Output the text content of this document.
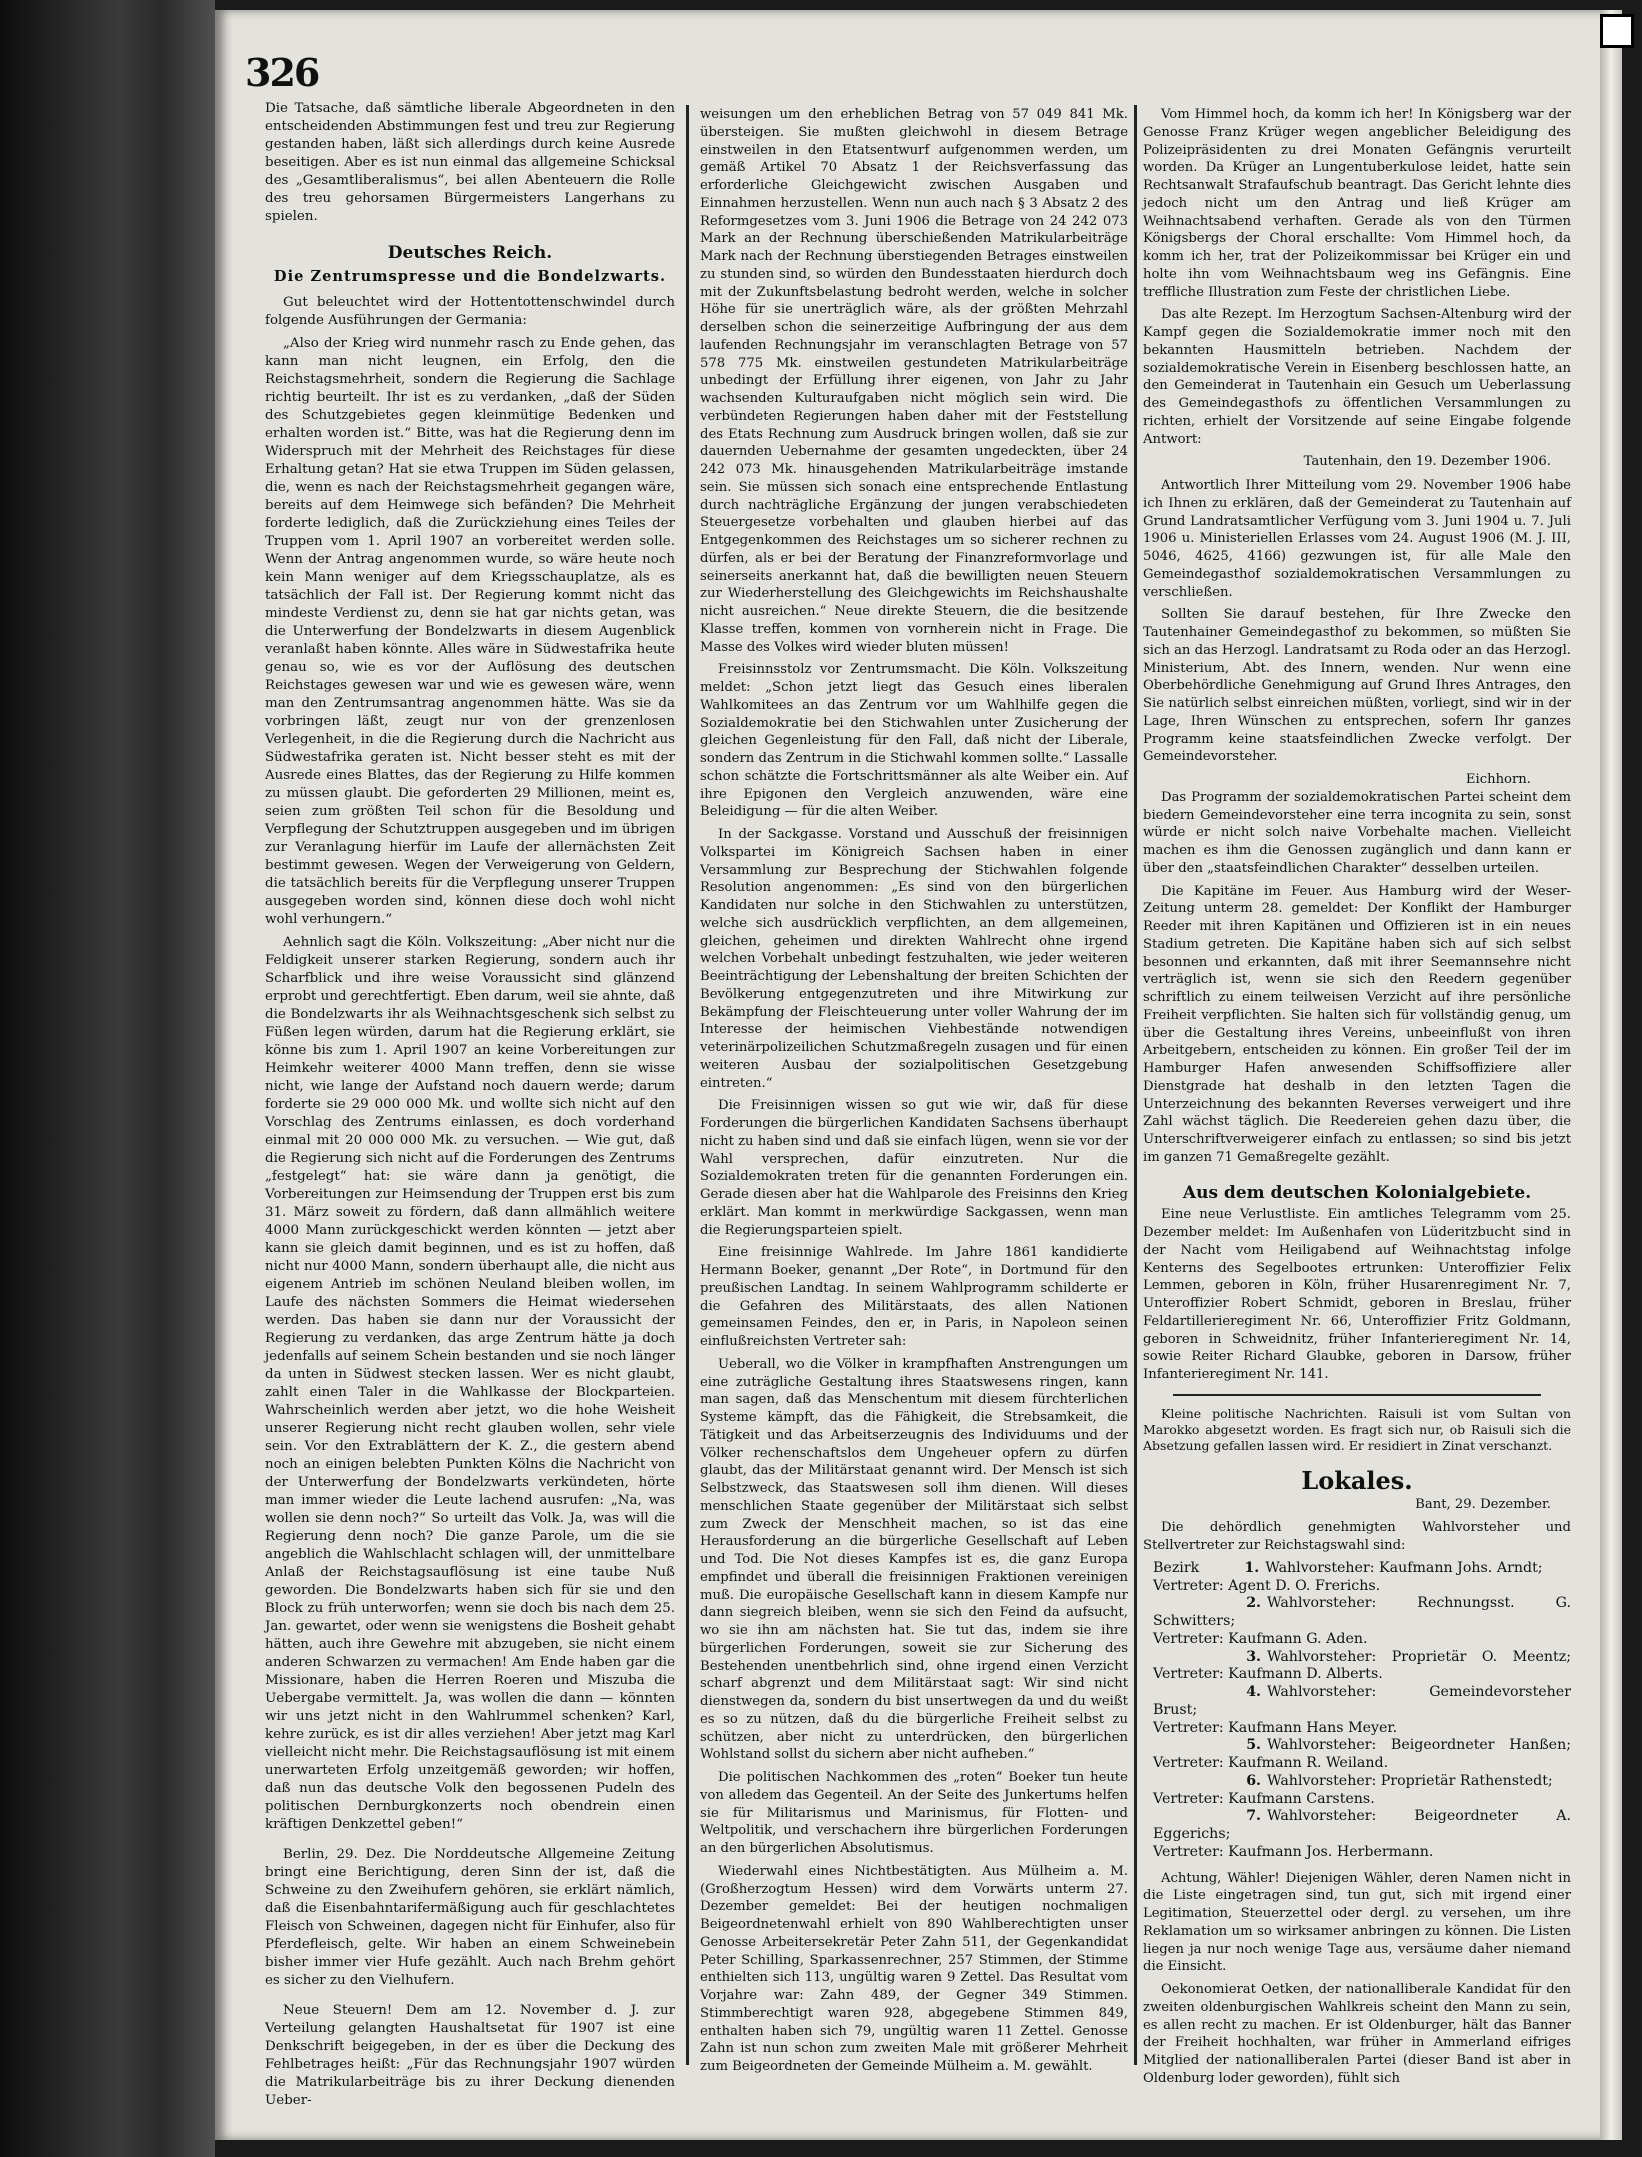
326

Die Tatsache, daß sämtliche liberale Abgeordneten in den entscheidenden Abstimmungen fest und treu zur Regierung gestanden haben, läßt sich allerdings durch keine Ausrede beseitigen. Aber es ist nun einmal das allgemeine Schicksal des „Gesamtliberalismus“, bei allen Abenteuern die Rolle des treu gehorsamen Bürgermeisters Langerhans zu spielen.

Deutsches Reich.
Die Zentrumspresse und die Bondelzwarts.

Gut beleuchtet wird der Hottentottenschwindel durch folgende Ausführungen der Germania:

„Also der Krieg wird nunmehr rasch zu Ende gehen, das kann man nicht leugnen, ein Erfolg, den die Reichstagsmehrheit, sondern die Regierung die Sachlage richtig beurteilt. Ihr ist es zu verdanken, „daß der Süden des Schutzgebietes gegen kleinmütige Bedenken und erhalten worden ist.“ Bitte, was hat die Regierung denn im Widerspruch mit der Mehrheit des Reichstages für diese Erhaltung getan? Hat sie etwa Truppen im Süden gelassen, die, wenn es nach der Reichstagsmehrheit gegangen wäre, bereits auf dem Heimwege sich befänden? Die Mehrheit forderte lediglich, daß die Zurückziehung eines Teiles der Truppen vom 1. April 1907 an vorbereitet werden solle. Wenn der Antrag angenommen wurde, so wäre heute noch kein Mann weniger auf dem Kriegsschauplatze, als es tatsächlich der Fall ist. Der Regierung kommt nicht das mindeste Verdienst zu, denn sie hat gar nichts getan, was die Unterwerfung der Bondelzwarts in diesem Augenblick veranlaßt haben könnte. Alles wäre in Südwestafrika heute genau so, wie es vor der Auflösung des deutschen Reichstages gewesen war und wie es gewesen wäre, wenn man den Zentrumsantrag angenommen hätte. Was sie da vorbringen läßt, zeugt nur von der grenzenlosen Verlegenheit, in die die Regierung durch die Nachricht aus Südwestafrika geraten ist. Nicht besser steht es mit der Ausrede eines Blattes, das der Regierung zu Hilfe kommen zu müssen glaubt. Die geforderten 29 Millionen, meint es, seien zum größten Teil schon für die Besoldung und Verpflegung der Schutztruppen ausgegeben und im übrigen zur Veranlagung hierfür im Laufe der allernächsten Zeit bestimmt gewesen. Wegen der Verweigerung von Geldern, die tatsächlich bereits für die Verpflegung unserer Truppen ausgegeben worden sind, können diese doch wohl nicht wohl verhungern.“

Aehnlich sagt die Köln. Volkszeitung: „Aber nicht nur die Feldigkeit unserer starken Regierung, sondern auch ihr Scharfblick und ihre weise Voraussicht sind glänzend erprobt und gerechtfertigt. Eben darum, weil sie ahnte, daß die Bondelzwarts ihr als Weihnachtsgeschenk sich selbst zu Füßen legen würden, darum hat die Regierung erklärt, sie könne bis zum 1. April 1907 an keine Vorbereitungen zur Heimkehr weiterer 4000 Mann treffen, denn sie wisse nicht, wie lange der Aufstand noch dauern werde; darum forderte sie 29 000 000 Mk. und wollte sich nicht auf den Vorschlag des Zentrums einlassen, es doch vorderhand einmal mit 20 000 000 Mk. zu versuchen. — Wie gut, daß die Regierung sich nicht auf die Forderungen des Zentrums „festgelegt“ hat: sie wäre dann ja genötigt, die Vorbereitungen zur Heimsendung der Truppen erst bis zum 31. März soweit zu fördern, daß dann allmählich weitere 4000 Mann zurückgeschickt werden könnten — jetzt aber kann sie gleich damit beginnen, und es ist zu hoffen, daß nicht nur 4000 Mann, sondern überhaupt alle, die nicht aus eigenem Antrieb im schönen Neuland bleiben wollen, im Laufe des nächsten Sommers die Heimat wiedersehen werden. Das haben sie dann nur der Voraussicht der Regierung zu verdanken, das arge Zentrum hätte ja doch jedenfalls auf seinem Schein bestanden und sie noch länger da unten in Südwest stecken lassen. Wer es nicht glaubt, zahlt einen Taler in die Wahlkasse der Blockparteien. Wahrscheinlich werden aber jetzt, wo die hohe Weisheit unserer Regierung nicht recht glauben wollen, sehr viele sein. Vor den Extrablättern der K. Z., die gestern abend noch an einigen belebten Punkten Kölns die Nachricht von der Unterwerfung der Bondelzwarts verkündeten, hörte man immer wieder die Leute lachend ausrufen: „Na, was wollen sie denn noch?“ So urteilt das Volk. Ja, was will die Regierung denn noch? Die ganze Parole, um die sie angeblich die Wahlschlacht schlagen will, der unmittelbare Anlaß der Reichstagsauflösung ist eine taube Nuß geworden. Die Bondelzwarts haben sich für sie und den Block zu früh unterworfen; wenn sie doch bis nach dem 25. Jan. gewartet, oder wenn sie wenigstens die Bosheit gehabt hätten, auch ihre Gewehre mit abzugeben, sie nicht einem anderen Schwarzen zu vermachen! Am Ende haben gar die Missionare, haben die Herren Roeren und Miszuba die Uebergabe vermittelt. Ja, was wollen die dann — könnten wir uns jetzt nicht in den Wahlrummel schenken? Karl, kehre zurück, es ist dir alles verziehen! Aber jetzt mag Karl vielleicht nicht mehr. Die Reichstagsauflösung ist mit einem unerwarteten Erfolg unzeitgemäß geworden; wir hoffen, daß nun das deutsche Volk den begossenen Pudeln des politischen Dernburgkonzerts noch obendrein einen kräftigen Denkzettel geben!“

Berlin, 29. Dez. Die Norddeutsche Allgemeine Zeitung bringt eine Berichtigung, deren Sinn der ist, daß die Schweine zu den Zweihufern gehören, sie erklärt nämlich, daß die Eisenbahntarifermäßigung auch für geschlachtetes Fleisch von Schweinen, dagegen nicht für Einhufer, also für Pferdefleisch, gelte. Wir haben an einem Schweinebein bisher immer vier Hufe gezählt. Auch nach Brehm gehört es sicher zu den Vielhufern.

Neue Steuern! Dem am 12. November d. J. zur Verteilung gelangten Haushaltsetat für 1907 ist eine Denkschrift beigegeben, in der es über die Deckung des Fehlbetrages heißt: „Für das Rechnungsjahr 1907 würden die Matrikularbeiträge bis zu ihrer Deckung dienenden Ueber-

weisungen um den erheblichen Betrag von 57 049 841 Mk. übersteigen. Sie mußten gleichwohl in diesem Betrage einstweilen in den Etatsentwurf aufgenommen werden, um gemäß Artikel 70 Absatz 1 der Reichsverfassung das erforderliche Gleichgewicht zwischen Ausgaben und Einnahmen herzustellen. Wenn nun auch nach § 3 Absatz 2 des Reformgesetzes vom 3. Juni 1906 die Betrage von 24 242 073 Mark an der Rechnung überschießenden Matrikularbeiträge Mark nach der Rechnung überstiegenden Betrages einstweilen zu stunden sind, so würden den Bundesstaaten hierdurch doch mit der Zukunftsbelastung bedroht werden, welche in solcher Höhe für sie unerträglich wäre, als der größten Mehrzahl derselben schon die seinerzeitige Aufbringung der aus dem laufenden Rechnungsjahr im veranschlagten Betrage von 57 578 775 Mk. einstweilen gestundeten Matrikularbeiträge unbedingt der Erfüllung ihrer eigenen, von Jahr zu Jahr wachsenden Kulturaufgaben nicht möglich sein wird. Die verbündeten Regierungen haben daher mit der Feststellung des Etats Rechnung zum Ausdruck bringen wollen, daß sie zur dauernden Uebernahme der gesamten ungedeckten, über 24 242 073 Mk. hinausgehenden Matrikularbeiträge imstande sein. Sie müssen sich sonach eine entsprechende Entlastung durch nachträgliche Ergänzung der jungen verabschiedeten Steuergesetze vorbehalten und glauben hierbei auf das Entgegenkommen des Reichstages um so sicherer rechnen zu dürfen, als er bei der Beratung der Finanzreformvorlage und seinerseits anerkannt hat, daß die bewilligten neuen Steuern zur Wiederherstellung des Gleichgewichts im Reichshaushalte nicht ausreichen.“ Neue direkte Steuern, die die besitzende Klasse treffen, kommen von vornherein nicht in Frage. Die Masse des Volkes wird wieder bluten müssen!

Freisinnsstolz vor Zentrumsmacht. Die Köln. Volkszeitung meldet: „Schon jetzt liegt das Gesuch eines liberalen Wahlkomitees an das Zentrum vor um Wahlhilfe gegen die Sozialdemokratie bei den Stichwahlen unter Zusicherung der gleichen Gegenleistung für den Fall, daß nicht der Liberale, sondern das Zentrum in die Stichwahl kommen sollte.“ Lassalle schon schätzte die Fortschrittsmänner als alte Weiber ein. Auf ihre Epigonen den Vergleich anzuwenden, wäre eine Beleidigung — für die alten Weiber.

In der Sackgasse. Vorstand und Ausschuß der freisinnigen Volkspartei im Königreich Sachsen haben in einer Versammlung zur Besprechung der Stichwahlen folgende Resolution angenommen: „Es sind von den bürgerlichen Kandidaten nur solche in den Stichwahlen zu unterstützen, welche sich ausdrücklich verpflichten, an dem allgemeinen, gleichen, geheimen und direkten Wahlrecht ohne irgend welchen Vorbehalt unbedingt festzuhalten, wie jeder weiteren Beeinträchtigung der Lebenshaltung der breiten Schichten der Bevölkerung entgegenzutreten und ihre Mitwirkung zur Bekämpfung der Fleischteuerung unter voller Wahrung der im Interesse der heimischen Viehbestände notwendigen veterinärpolizeilichen Schutzmaßregeln zusagen und für einen weiteren Ausbau der sozialpolitischen Gesetzgebung eintreten.“

Die Freisinnigen wissen so gut wie wir, daß für diese Forderungen die bürgerlichen Kandidaten Sachsens überhaupt nicht zu haben sind und daß sie einfach lügen, wenn sie vor der Wahl versprechen, dafür einzutreten. Nur die Sozialdemokraten treten für die genannten Forderungen ein. Gerade diesen aber hat die Wahlparole des Freisinns den Krieg erklärt. Man kommt in merkwürdige Sackgassen, wenn man die Regierungsparteien spielt.

Eine freisinnige Wahlrede. Im Jahre 1861 kandidierte Hermann Boeker, genannt „Der Rote“, in Dortmund für den preußischen Landtag. In seinem Wahlprogramm schilderte er die Gefahren des Militärstaats, des allen Nationen gemeinsamen Feindes, den er, in Paris, in Napoleon seinen einflußreichsten Vertreter sah:

Ueberall, wo die Völker in krampfhaften Anstrengungen um eine zuträgliche Gestaltung ihres Staatswesens ringen, kann man sagen, daß das Menschentum mit diesem fürchterlichen Systeme kämpft, das die Fähigkeit, die Strebsamkeit, die Tätigkeit und das Arbeitserzeugnis des Individuums und der Völker rechenschaftslos dem Ungeheuer opfern zu dürfen glaubt, das der Militärstaat genannt wird. Der Mensch ist sich Selbstzweck, das Staatswesen soll ihm dienen. Will dieses menschlichen Staate gegenüber der Militärstaat sich selbst zum Zweck der Menschheit machen, so ist das eine Herausforderung an die bürgerliche Gesellschaft auf Leben und Tod. Die Not dieses Kampfes ist es, die ganz Europa empfindet und überall die freisinnigen Fraktionen vereinigen muß. Die europäische Gesellschaft kann in diesem Kampfe nur dann siegreich bleiben, wenn sie sich den Feind da aufsucht, wo sie ihn am nächsten hat. Sie tut das, indem sie ihre bürgerlichen Forderungen, soweit sie zur Sicherung des Bestehenden unentbehrlich sind, ohne irgend einen Verzicht scharf abgrenzt und dem Militärstaat sagt: Wir sind nicht dienstwegen da, sondern du bist unsertwegen da und du weißt es so zu nützen, daß du die bürgerliche Freiheit selbst zu schützen, aber nicht zu unterdrücken, den bürgerlichen Wohlstand sollst du sichern aber nicht aufheben.“

Die politischen Nachkommen des „roten“ Boeker tun heute von alledem das Gegenteil. An der Seite des Junkertums helfen sie für Militarismus und Marinismus, für Flotten- und Weltpolitik, und verschachern ihre bürgerlichen Forderungen an den bürgerlichen Absolutismus.

Wiederwahl eines Nichtbestätigten. Aus Mülheim a. M. (Großherzogtum Hessen) wird dem Vorwärts unterm 27. Dezember gemeldet: Bei der heutigen nochmaligen Beigeordnetenwahl erhielt von 890 Wahlberechtigten unser Genosse Arbeitersekretär Peter Zahn 511, der Gegenkandidat Peter Schilling, Sparkassenrechner, 257 Stimmen, der Stimme enthielten sich 113, ungültig waren 9 Zettel. Das Resultat vom Vorjahre war: Zahn 489, der Gegner 349 Stimmen. Stimmberechtigt waren 928, abgegebene Stimmen 849, enthalten haben sich 79, ungültig waren 11 Zettel. Genosse Zahn ist nun schon zum zweiten Male mit größerer Mehrheit zum Beigeordneten der Gemeinde Mülheim a. M. gewählt.

Vom Himmel hoch, da komm ich her! In Königsberg war der Genosse Franz Krüger wegen angeblicher Beleidigung des Polizeipräsidenten zu drei Monaten Gefängnis verurteilt worden. Da Krüger an Lungentuberkulose leidet, hatte sein Rechtsanwalt Strafaufschub beantragt. Das Gericht lehnte dies jedoch nicht um den Antrag und ließ Krüger am Weihnachtsabend verhaften. Gerade als von den Türmen Königsbergs der Choral erschallte: Vom Himmel hoch, da komm ich her, trat der Polizeikommissar bei Krüger ein und holte ihn vom Weihnachtsbaum weg ins Gefängnis. Eine treffliche Illustration zum Feste der christlichen Liebe.

Das alte Rezept. Im Herzogtum Sachsen-Altenburg wird der Kampf gegen die Sozialdemokratie immer noch mit den bekannten Hausmitteln betrieben. Nachdem der sozialdemokratische Verein in Eisenberg beschlossen hatte, an den Gemeinderat in Tautenhain ein Gesuch um Ueberlassung des Gemeindegasthofs zu öffentlichen Versammlungen zu richten, erhielt der Vorsitzende auf seine Eingabe folgende Antwort:

Tautenhain, den 19. Dezember 1906.

Antwortlich Ihrer Mitteilung vom 29. November 1906 habe ich Ihnen zu erklären, daß der Gemeinderat zu Tautenhain auf Grund Landratsamtlicher Verfügung vom 3. Juni 1904 u. 7. Juli 1906 u. Ministeriellen Erlasses vom 24. August 1906 (M. J. III, 5046, 4625, 4166) gezwungen ist, für alle Male den Gemeindegasthof sozialdemokratischen Versammlungen zu verschließen.

Sollten Sie darauf bestehen, für Ihre Zwecke den Tautenhainer Gemeindegasthof zu bekommen, so müßten Sie sich an das Herzogl. Landratsamt zu Roda oder an das Herzogl. Ministerium, Abt. des Innern, wenden. Nur wenn eine Oberbehördliche Genehmigung auf Grund Ihres Antrages, den Sie natürlich selbst einreichen müßten, vorliegt, sind wir in der Lage, Ihren Wünschen zu entsprechen, sofern Ihr ganzes Programm keine staatsfeindlichen Zwecke verfolgt. Der Gemeindevorsteher.

Eichhorn.

Das Programm der sozialdemokratischen Partei scheint dem biedern Gemeindevorsteher eine terra incognita zu sein, sonst würde er nicht solch naive Vorbehalte machen. Vielleicht machen es ihm die Genossen zugänglich und dann kann er über den „staatsfeindlichen Charakter“ desselben urteilen.

Die Kapitäne im Feuer. Aus Hamburg wird der Weser-Zeitung unterm 28. gemeldet: Der Konflikt der Hamburger Reeder mit ihren Kapitänen und Offizieren ist in ein neues Stadium getreten. Die Kapitäne haben sich auf sich selbst besonnen und erkannten, daß mit ihrer Seemannsehre nicht verträglich ist, wenn sie sich den Reedern gegenüber schriftlich zu einem teilweisen Verzicht auf ihre persönliche Freiheit verpflichten. Sie halten sich für vollständig genug, um über die Gestaltung ihres Vereins, unbeeinflußt von ihren Arbeitgebern, entscheiden zu können. Ein großer Teil der im Hamburger Hafen anwesenden Schiffsoffiziere aller Dienstgrade hat deshalb in den letzten Tagen die Unterzeichnung des bekannten Reverses verweigert und ihre Zahl wächst täglich. Die Reedereien gehen dazu über, die Unterschriftverweigerer einfach zu entlassen; so sind bis jetzt im ganzen 71 Gemaßregelte gezählt.

Aus dem deutschen Kolonialgebiete.

Eine neue Verlustliste. Ein amtliches Telegramm vom 25. Dezember meldet: Im Außenhafen von Lüderitzbucht sind in der Nacht vom Heiligabend auf Weihnachtstag infolge Kenterns des Segelbootes ertrunken: Unteroffizier Felix Lemmen, geboren in Köln, früher Husarenregiment Nr. 7, Unteroffizier Robert Schmidt, geboren in Breslau, früher Feldartillerieregiment Nr. 66, Unteroffizier Fritz Goldmann, geboren in Schweidnitz, früher Infanterieregiment Nr. 14, sowie Reiter Richard Glaubke, geboren in Darsow, früher Infanterieregiment Nr. 141.

Kleine politische Nachrichten. Raisuli ist vom Sultan von Marokko abgesetzt worden. Es fragt sich nur, ob Raisuli sich die Absetzung gefallen lassen wird. Er residiert in Zinat verschanzt.

Lokales.
Bant, 29. Dezember.

Die dehördlich genehmigten Wahlvorsteher und Stellvertreter zur Reichstagswahl sind:

Bezirk	1. Wahlvorsteher: Kaufmann Johs. Arndt;
Vertreter: Agent D. O. Frerichs.
2. Wahlvorsteher: Rechnungsst. G. Schwitters;
Vertreter: Kaufmann G. Aden.
3. Wahlvorsteher: Proprietär O. Meentz; Vertreter: Kaufmann D. Alberts.
4. Wahlvorsteher: Gemeindevorsteher Brust;
Vertreter: Kaufmann Hans Meyer.
5. Wahlvorsteher: Beigeordneter Hanßen; Vertreter: Kaufmann R. Weiland.
6. Wahlvorsteher: Proprietär Rathenstedt;
Vertreter: Kaufmann Carstens.
7. Wahlvorsteher: Beigeordneter A. Eggerichs;
Vertreter: Kaufmann Jos. Herbermann.

Achtung, Wähler! Diejenigen Wähler, deren Namen nicht in die Liste eingetragen sind, tun gut, sich mit irgend einer Legitimation, Steuerzettel oder dergl. zu versehen, um ihre Reklamation um so wirksamer anbringen zu können. Die Listen liegen ja nur noch wenige Tage aus, versäume daher niemand die Einsicht.

Oekonomierat Oetken, der nationalliberale Kandidat für den zweiten oldenburgischen Wahlkreis scheint den Mann zu sein, es allen recht zu machen. Er ist Oldenburger, hält das Banner der Freiheit hochhalten, war früher in Ammerland eifriges Mitglied der nationalliberalen Partei (dieser Band ist aber in Oldenburg loder geworden), fühlt sich
